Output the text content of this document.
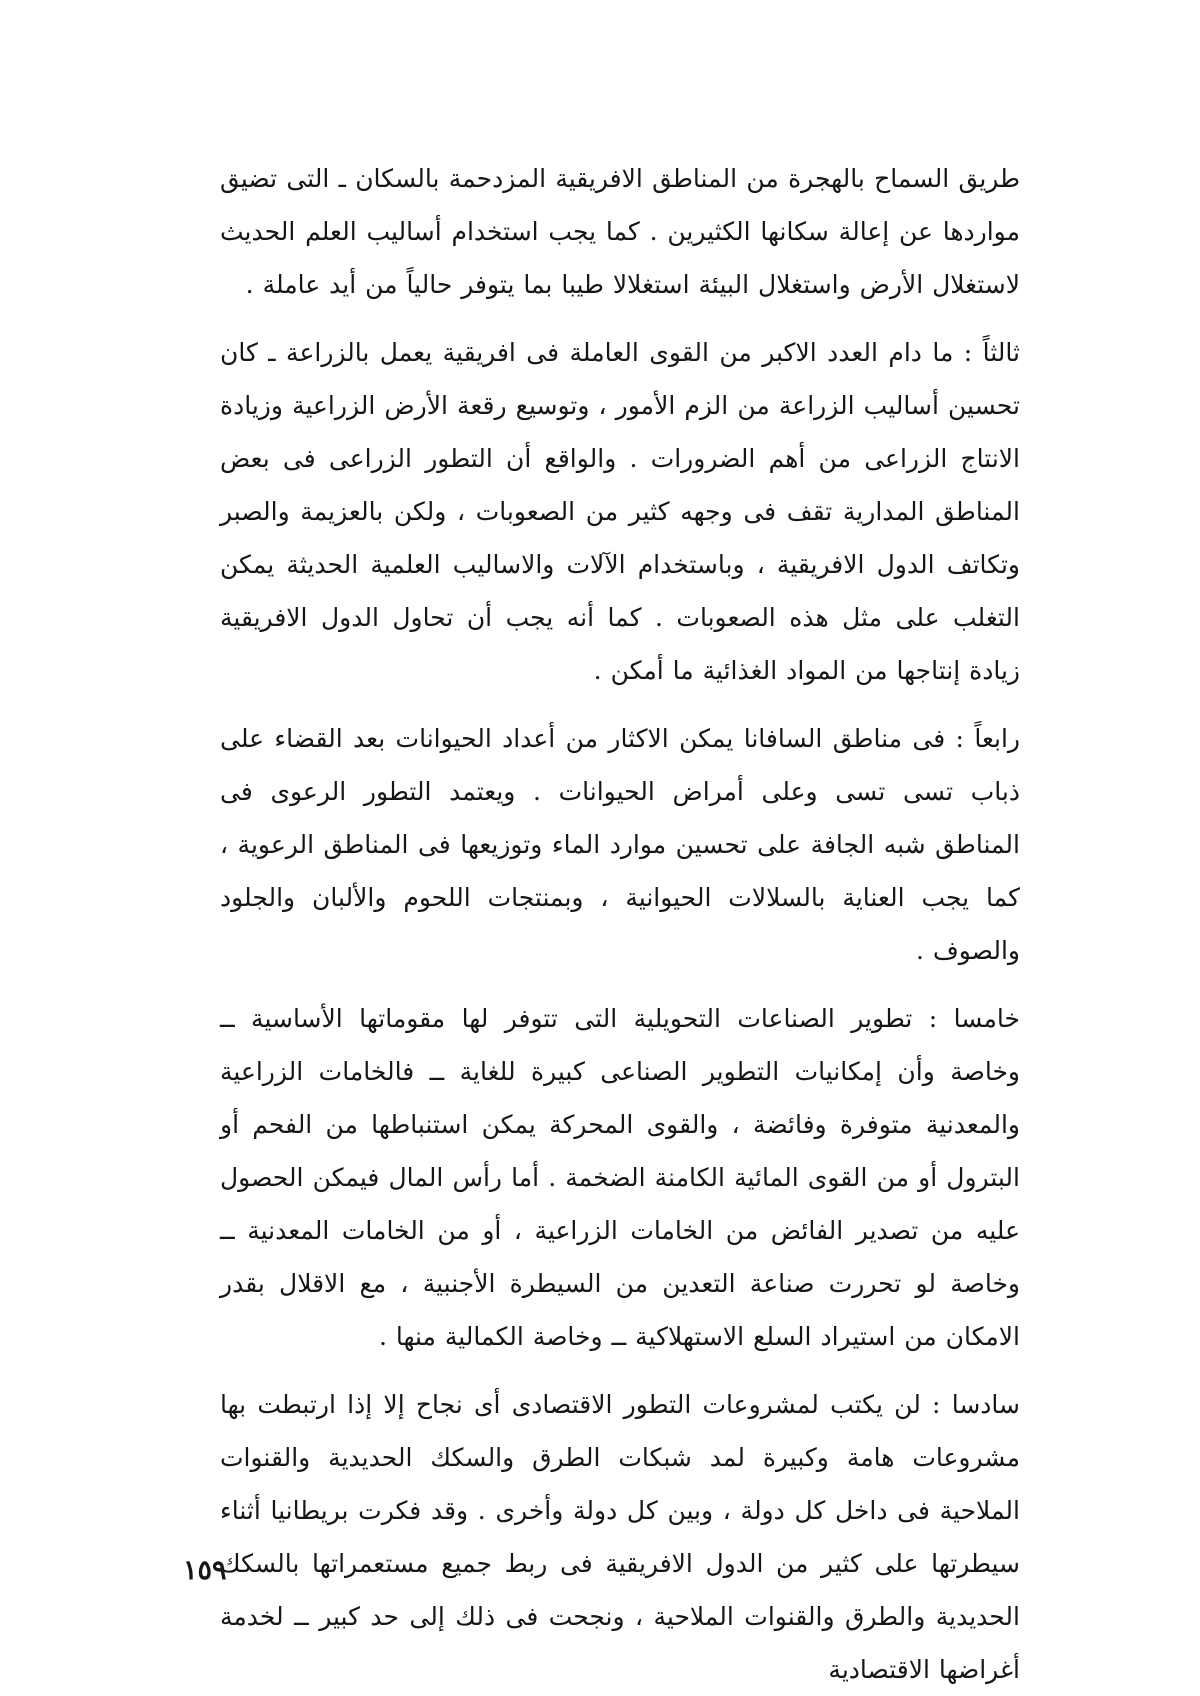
طريق السماح بالهجرة من المناطق الافريقية المزدحمة بالسكان ـ التى تضيق مواردها عن إعالة سكانها الكثيرين . كما يجب استخدام أساليب العلم الحديث لاستغلال الأرض واستغلال البيئة استغلالا طيبا بما يتوفر حالياً من أيد عاملة .

ثالثاً : ما دام العدد الاكبر من القوى العاملة فى افريقية يعمل بالزراعة ـ كان تحسين أساليب الزراعة من الزم الأمور ، وتوسيع رقعة الأرض الزراعية وزيادة الانتاج الزراعى من أهم الضرورات . والواقع أن التطور الزراعى فى بعض المناطق المدارية تقف فى وجهه كثير من الصعوبات ، ولكن بالعزيمة والصبر وتكاتف الدول الافريقية ، وباستخدام الآلات والاساليب العلمية الحديثة يمكن التغلب على مثل هذه الصعوبات . كما أنه يجب أن تحاول الدول الافريقية زيادة إنتاجها من المواد الغذائية ما أمكن .

رابعاً : فى مناطق السافانا يمكن الاكثار من أعداد الحيوانات بعد القضاء على ذباب تسى تسى وعلى أمراض الحيوانات . ويعتمد التطور الرعوى فى المناطق شبه الجافة على تحسين موارد الماء وتوزيعها فى المناطق الرعوية ، كما يجب العناية بالسلالات الحيوانية ، وبمنتجات اللحوم والألبان والجلود والصوف .

خامسا : تطوير الصناعات التحويلية التى تتوفر لها مقوماتها الأساسية ــ وخاصة وأن إمكانيات التطوير الصناعى كبيرة للغاية ــ فالخامات الزراعية والمعدنية متوفرة وفائضة ، والقوى المحركة يمكن استنباطها من الفحم أو البترول أو من القوى المائية الكامنة الضخمة . أما رأس المال فيمكن الحصول عليه من تصدير الفائض من الخامات الزراعية ، أو من الخامات المعدنية ــ وخاصة لو تحررت صناعة التعدين من السيطرة الأجنبية ، مع الاقلال بقدر الامكان من استيراد السلع الاستهلاكية ــ وخاصة الكمالية منها .

سادسا : لن يكتب لمشروعات التطور الاقتصادى أى نجاح إلا إذا ارتبطت بها مشروعات هامة وكبيرة لمد شبكات الطرق والسكك الحديدية والقنوات الملاحية فى داخل كل دولة ، وبين كل دولة وأخرى . وقد فكرت بريطانيا أثناء سيطرتها على كثير من الدول الافريقية فى ربط جميع مستعمراتها بالسكك الحديدية والطرق والقنوات الملاحية ، ونجحت فى ذلك إلى حد كبير ــ لخدمة أغراضها الاقتصادية

١٥٩
